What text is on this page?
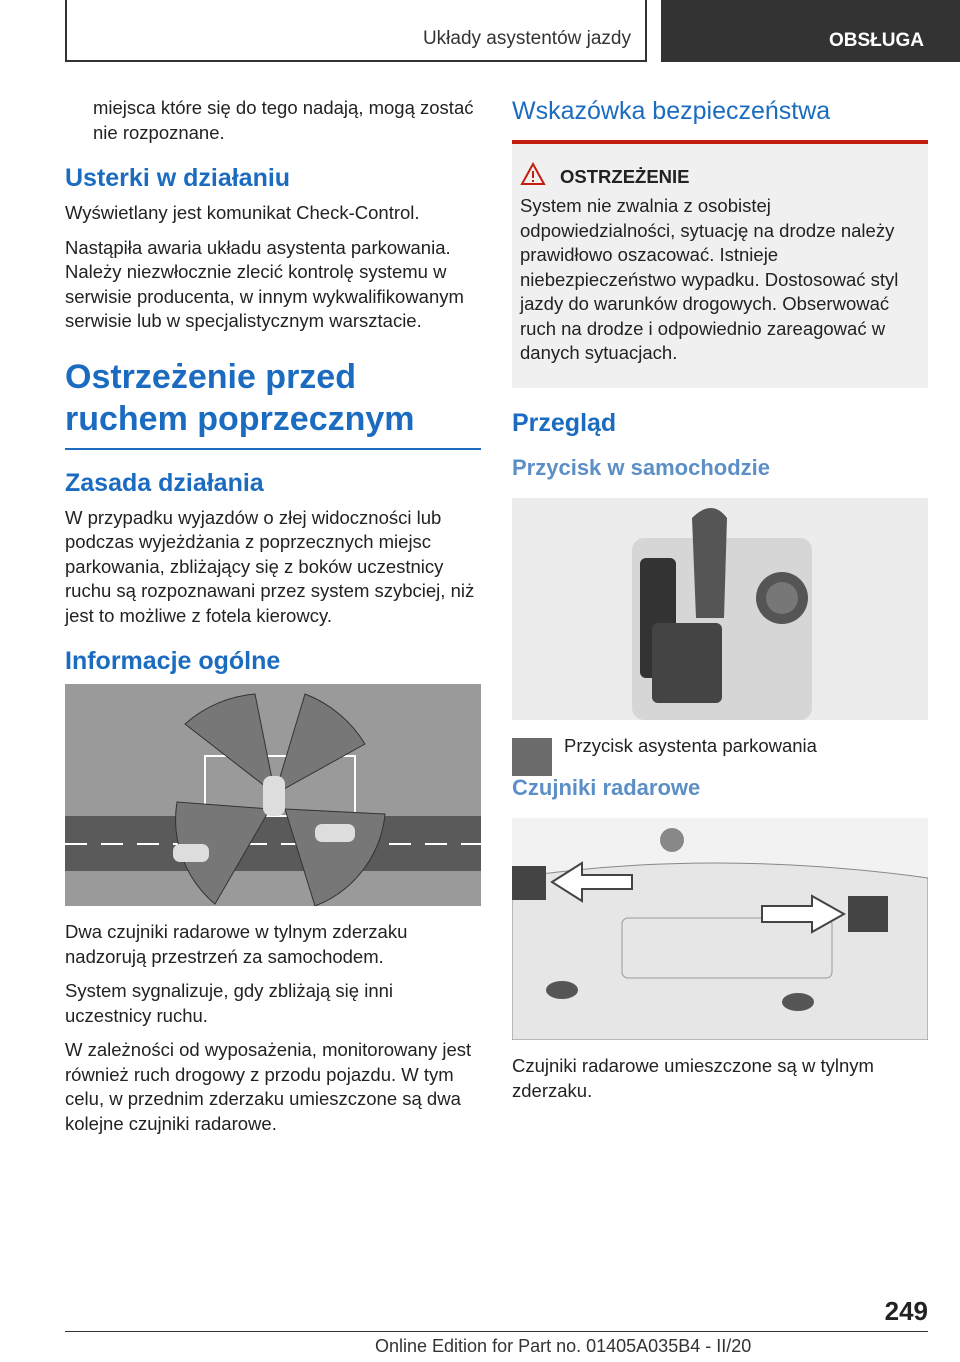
Układy asystentów jazdy	OBSŁUGA

miejsca które się do tego nadają, mogą zostać nie rozpoznane.

Usterki w działaniu

Wyświetlany jest komunikat Check-Control.

Nastąpiła awaria układu asystenta parkowania. Należy niezwłocznie zlecić kontrolę systemu w serwisie producenta, w innym wykwalifikowanym serwisie lub w specjalistycznym warsztacie.

Ostrzeżenie przed ruchem poprzecznym
Zasada działania

W przypadku wyjazdów o złej widoczności lub podczas wyjeżdżania z poprzecznych miejsc parkowania, zbliżający się z boków uczestnicy ruchu są rozpoznawani przez system szybciej, niż jest to możliwe z fotela kierowcy.

Informacje ogólne

Dwa czujniki radarowe w tylnym zderzaku nadzorują przestrzeń za samochodem.

System sygnalizuje, gdy zbliżają się inni uczestnicy ruchu.

W zależności od wyposażenia, monitorowany jest również ruch drogowy z przodu pojazdu. W tym celu, w przednim zderzaku umieszczone są dwa kolejne czujniki radarowe.

Wskazówka bezpieczeństwa
OSTRZEŻENIE

System nie zwalnia z osobistej odpowiedzialności, sytuację na drodze należy prawidłowo oszacować. Istnieje niebezpieczeństwo wypadku. Dostosować styl jazdy do warunków drogowych. Obserwować ruch na drodze i odpowiednio zareagować w danych sytuacjach.

Przegląd
Przycisk w samochodzie

Przycisk asystenta parkowania

Czujniki radarowe

Czujniki radarowe umieszczone są w tylnym zderzaku.

249
Online Edition for Part no. 01405A035B4 - II/20
